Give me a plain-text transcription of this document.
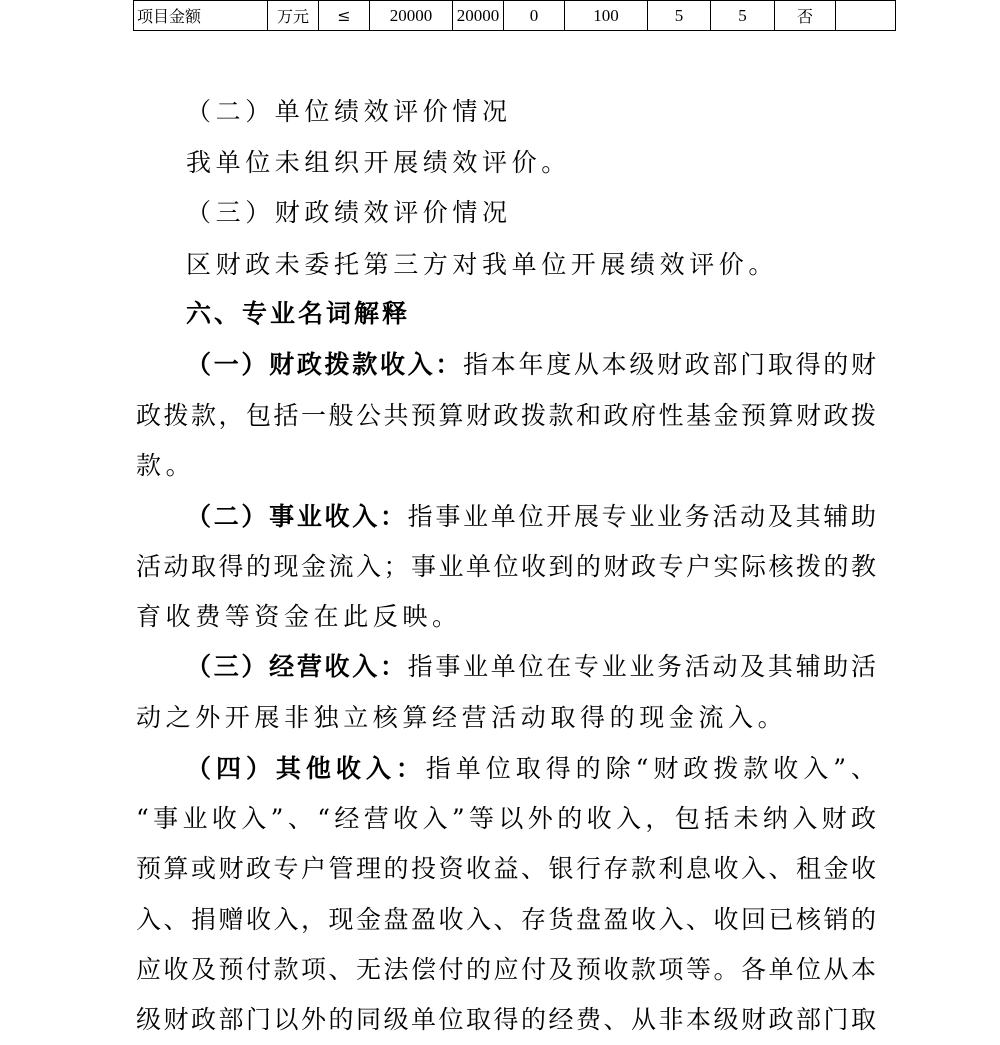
项目金额	万元	≤	20000	20000	0	100	5	5	否	
（二）单位绩效评价情况
我单位未组织开展绩效评价。
（三）财政绩效评价情况
区财政未委托第三方对我单位开展绩效评价。
六、专业名词解释
（一）财政拨款收入：指本年度从本级财政部门取得的财
政拨款，包括一般公共预算财政拨款和政府性基金预算财政拨
款。
（二）事业收入：指事业单位开展专业业务活动及其辅助
活动取得的现金流入；事业单位收到的财政专户实际核拨的教
育收费等资金在此反映。
（三）经营收入：指事业单位在专业业务活动及其辅助活
动之外开展非独立核算经营活动取得的现金流入。
（四）其他收入：指单位取得的除“财政拨款收入”、
“事业收入”、“经营收入”等以外的收入，包括未纳入财政
预算或财政专户管理的投资收益、银行存款利息收入、租金收
入、捐赠收入，现金盘盈收入、存货盘盈收入、收回已核销的
应收及预付款项、无法偿付的应付及预收款项等。各单位从本
级财政部门以外的同级单位取得的经费、从非本级财政部门取
